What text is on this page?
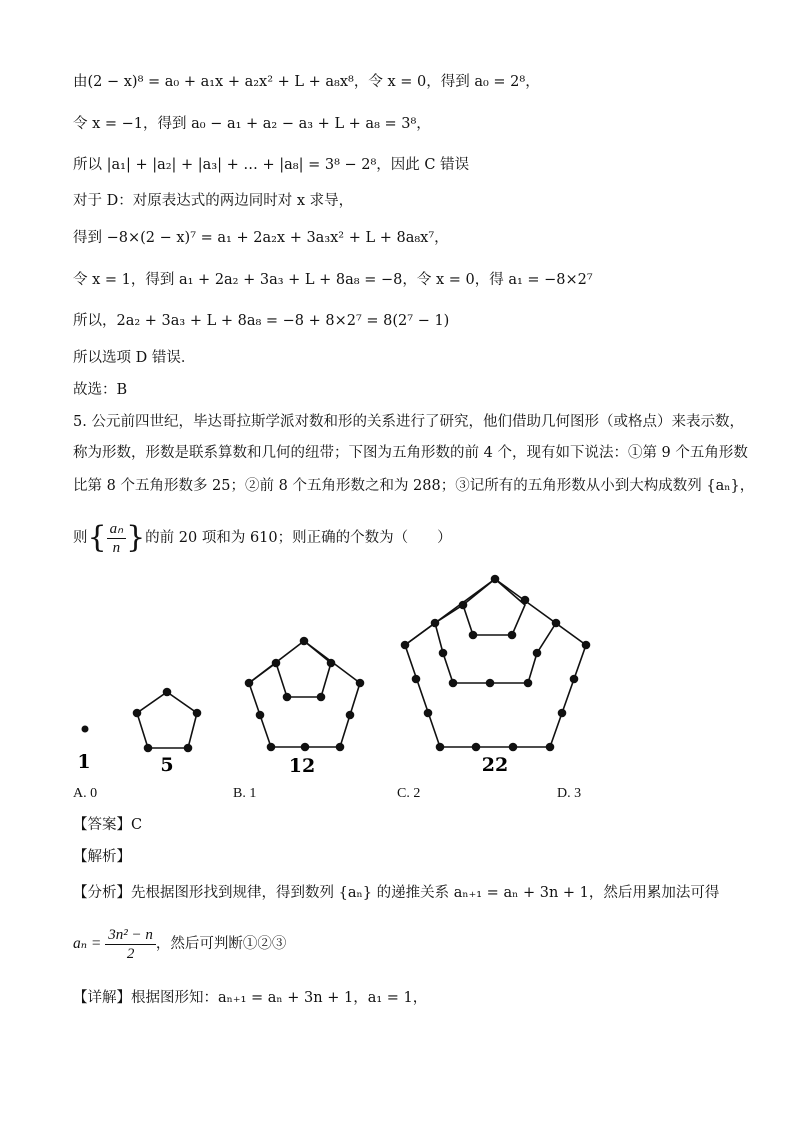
由(2 − x)⁸ = a₀ + a₁x + a₂x² + L + a₈x⁸，令 x = 0，得到 a₀ = 2⁸，
令 x = −1，得到 a₀ − a₁ + a₂ − a₃ + L + a₈ = 3⁸，
所以 |a₁| + |a₂| + |a₃| + … + |a₈| = 3⁸ − 2⁸，因此 C 错误
对于 D：对原表达式的两边同时对 x 求导，
得到 −8×(2 − x)⁷ = a₁ + 2a₂x + 3a₃x² + L + 8a₈x⁷，
令 x = 1，得到 a₁ + 2a₂ + 3a₃ + L + 8a₈ = −8，令 x = 0，得 a₁ = −8×2⁷
所以，2a₂ + 3a₃ + L + 8a₈ = −8 + 8×2⁷ = 8(2⁷ − 1)
所以选项 D 错误．
故选：B
5. 公元前四世纪，毕达哥拉斯学派对数和形的关系进行了研究，他们借助几何图形（或格点）来表示数，
称为形数，形数是联系算数和几何的纽带；下图为五角形数的前 4 个，现有如下说法：①第 9 个五角形数
比第 8 个五角形数多 25；②前 8 个五角形数之和为 288；③记所有的五角形数从小到大构成数列 {aₙ}，
则{ $\frac{\text{aₙ}}{n}$ }的前 20 项和为 610；则正确的个数为（　　）
1	5	12	22
A. 0	B. 1	C. 2	D. 3
【答案】C
【解析】
【分析】先根据图形找到规律，得到数列 {aₙ} 的递推关系 aₙ₊₁ = aₙ + 3n + 1，然后用累加法可得
$a_n = \frac{\text{3n² − n}}{2}$ ，然后可判断①②③
【详解】根据图形知：aₙ₊₁ = aₙ + 3n + 1，a₁ = 1，
